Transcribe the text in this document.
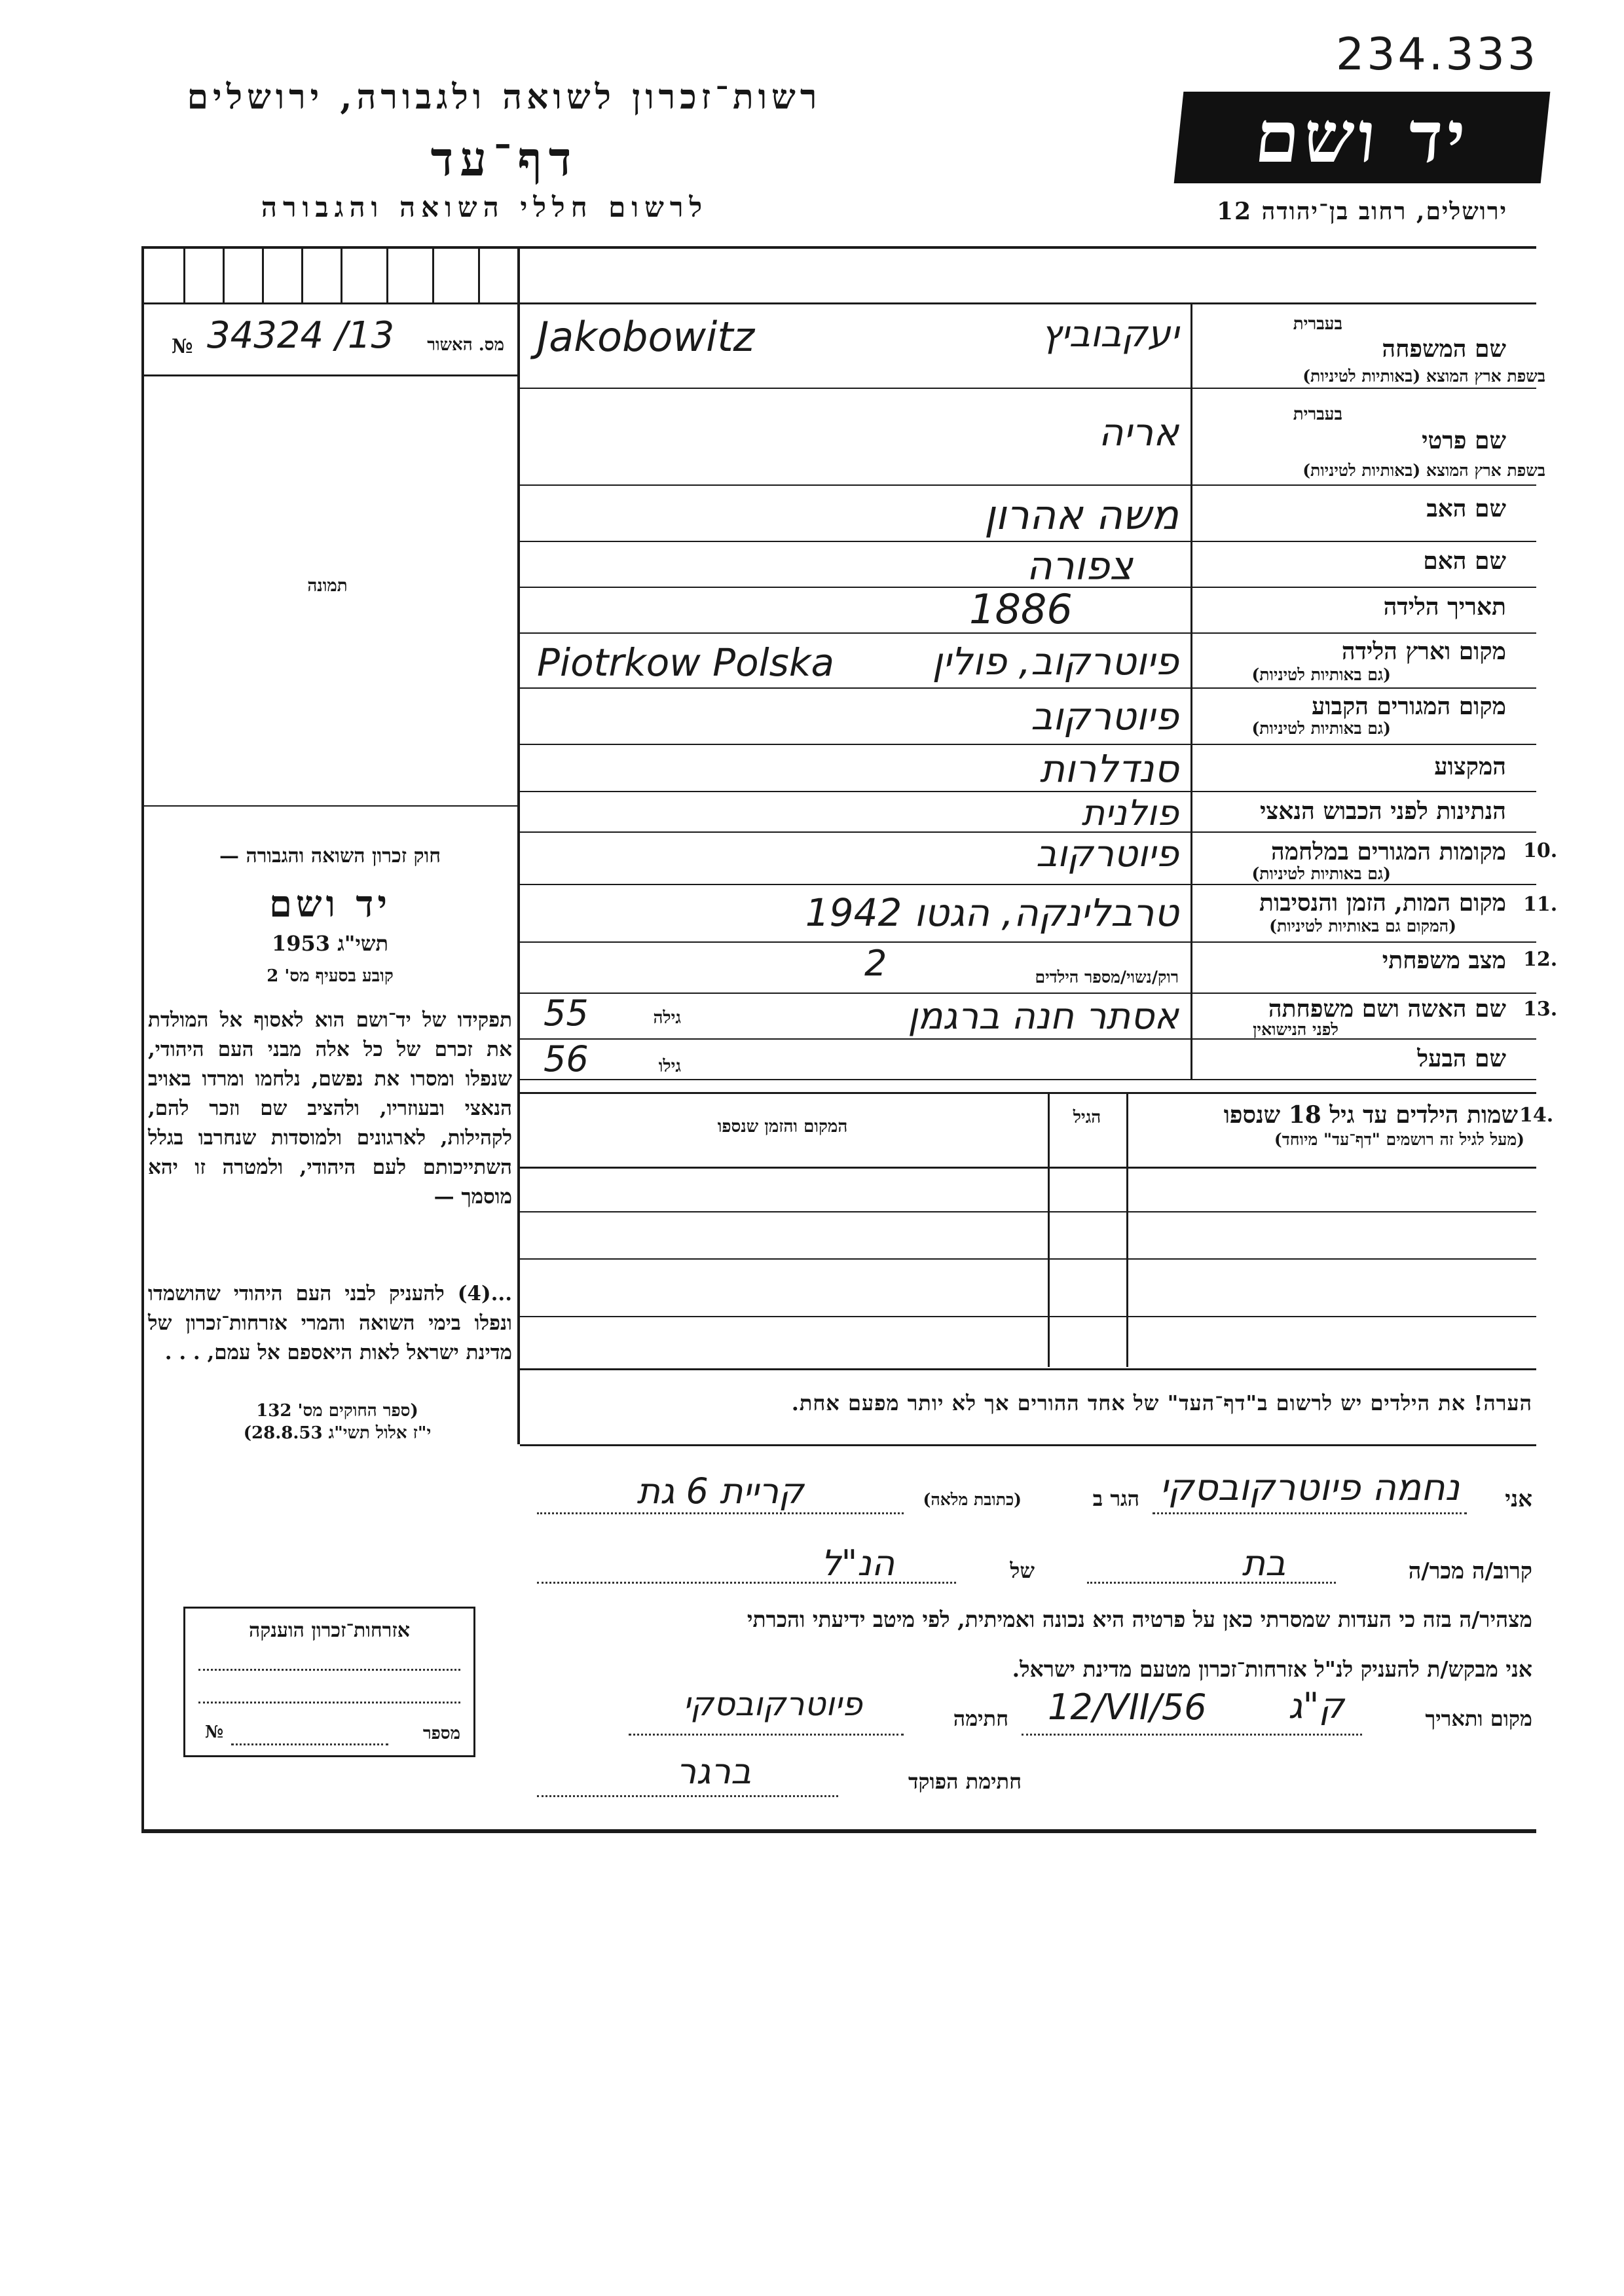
234.333
רשות־זכרון לשואה ולגבורה, ירושלים
דף־עד
לרשום חללי השואה והגבורה
יד ושם
ירושלים, רחוב בן־יהודה 12
№ 34324 /13	מס. האשור
תמונה
בעברית
שם המשפחה
בשפת ארץ המוצא (באותיות לטיניות)
יעקבוביץ
Jakobowitz
בעברית
שם פרטי
בשפת ארץ המוצא (באותיות לטיניות)
אריה
שם האב
משה אהרון
שם האם
צפורה
תאריך הלידה
1886
מקום וארץ הלידה
(גם באותיות לטיניות)
פיוטרקוב, פולין
Piotrkow Polska
מקום המגורים הקבוע
(גם באותיות לטיניות)
פיוטרקוב
המקצוע
סנדלרות
הנתינות לפני הכבוש הנאצי
פולנית
10.
מקומות המגורים במלחמה
(גם באותיות לטיניות)
פיוטרקוב
11.
מקום המות, הזמן והנסיבות
(המקום גם באותיות לטיניות)
טרבלינקה, הגטו 1942
12.
מצב משפחתי
רוק/נשוי/מספר הילדים
2
13.
שם האשה ושם משפחתה
לפני הנישואין
אסתר חנה ברגמן
גילה
55
שם הבעל
גילו
56
14.
שמות הילדים עד גיל 18 שנספו
(מעל לגיל זה רושמים "דף־עד" מיוחד)
הגיל
המקום והזמן שנספו
חוק זכרון השואה והגבורה —
יד ושם
תשי"ג 1953
קובע בסעיף מס' 2
תפקידו של יד־ושם הוא לאסוף אל המולדת את זכרם של כל אלה מבני העם היהודי, שנפלו ומסרו את נפשם, נלחמו ומרדו באויב הנאצי ובעוזריו, ולהציב שם וזכר להם, לקהילות, לארגונים ולמוסדות שנחרבו בגלל השתייכותם לעם היהודי, ולמטרה זו יהא מוסמך —
...(4) להעניק לבני העם היהודי שהושמדו ונפלו בימי השואה והמרי אזרחות־זכרון של מדינת ישראל לאות היאספם אל עמם, . . .
(ספר החוקים מס' 132
י"ז אלול תשי"ג 28.8.53)
הערה! את הילדים יש לרשום ב"דף־העד" של אחד ההורים אך לא יותר מפעם אחת.
אני
נחמה פיוטרקובסקי
הגר ב
(כתובת מלאה)
קריית 6 גת
קרוב/ה מכר/ה
בת
של
הנ"ל
מצהיר/ה בזה כי העדות שמסרתי כאן על פרטיה היא נכונה ואמיתית, לפי מיטב ידיעתי והכרתי
אני מבקש/ת להעניק לנ"ל אזרחות־זכרון מטעם מדינת ישראל.
מקום ותאריך
ק"ג
12/VII/56
חתימה
פיוטרקובסקי
חתימת הפוקד
ברגר
אזרחות־זכרון הוענקה
№	מספר
